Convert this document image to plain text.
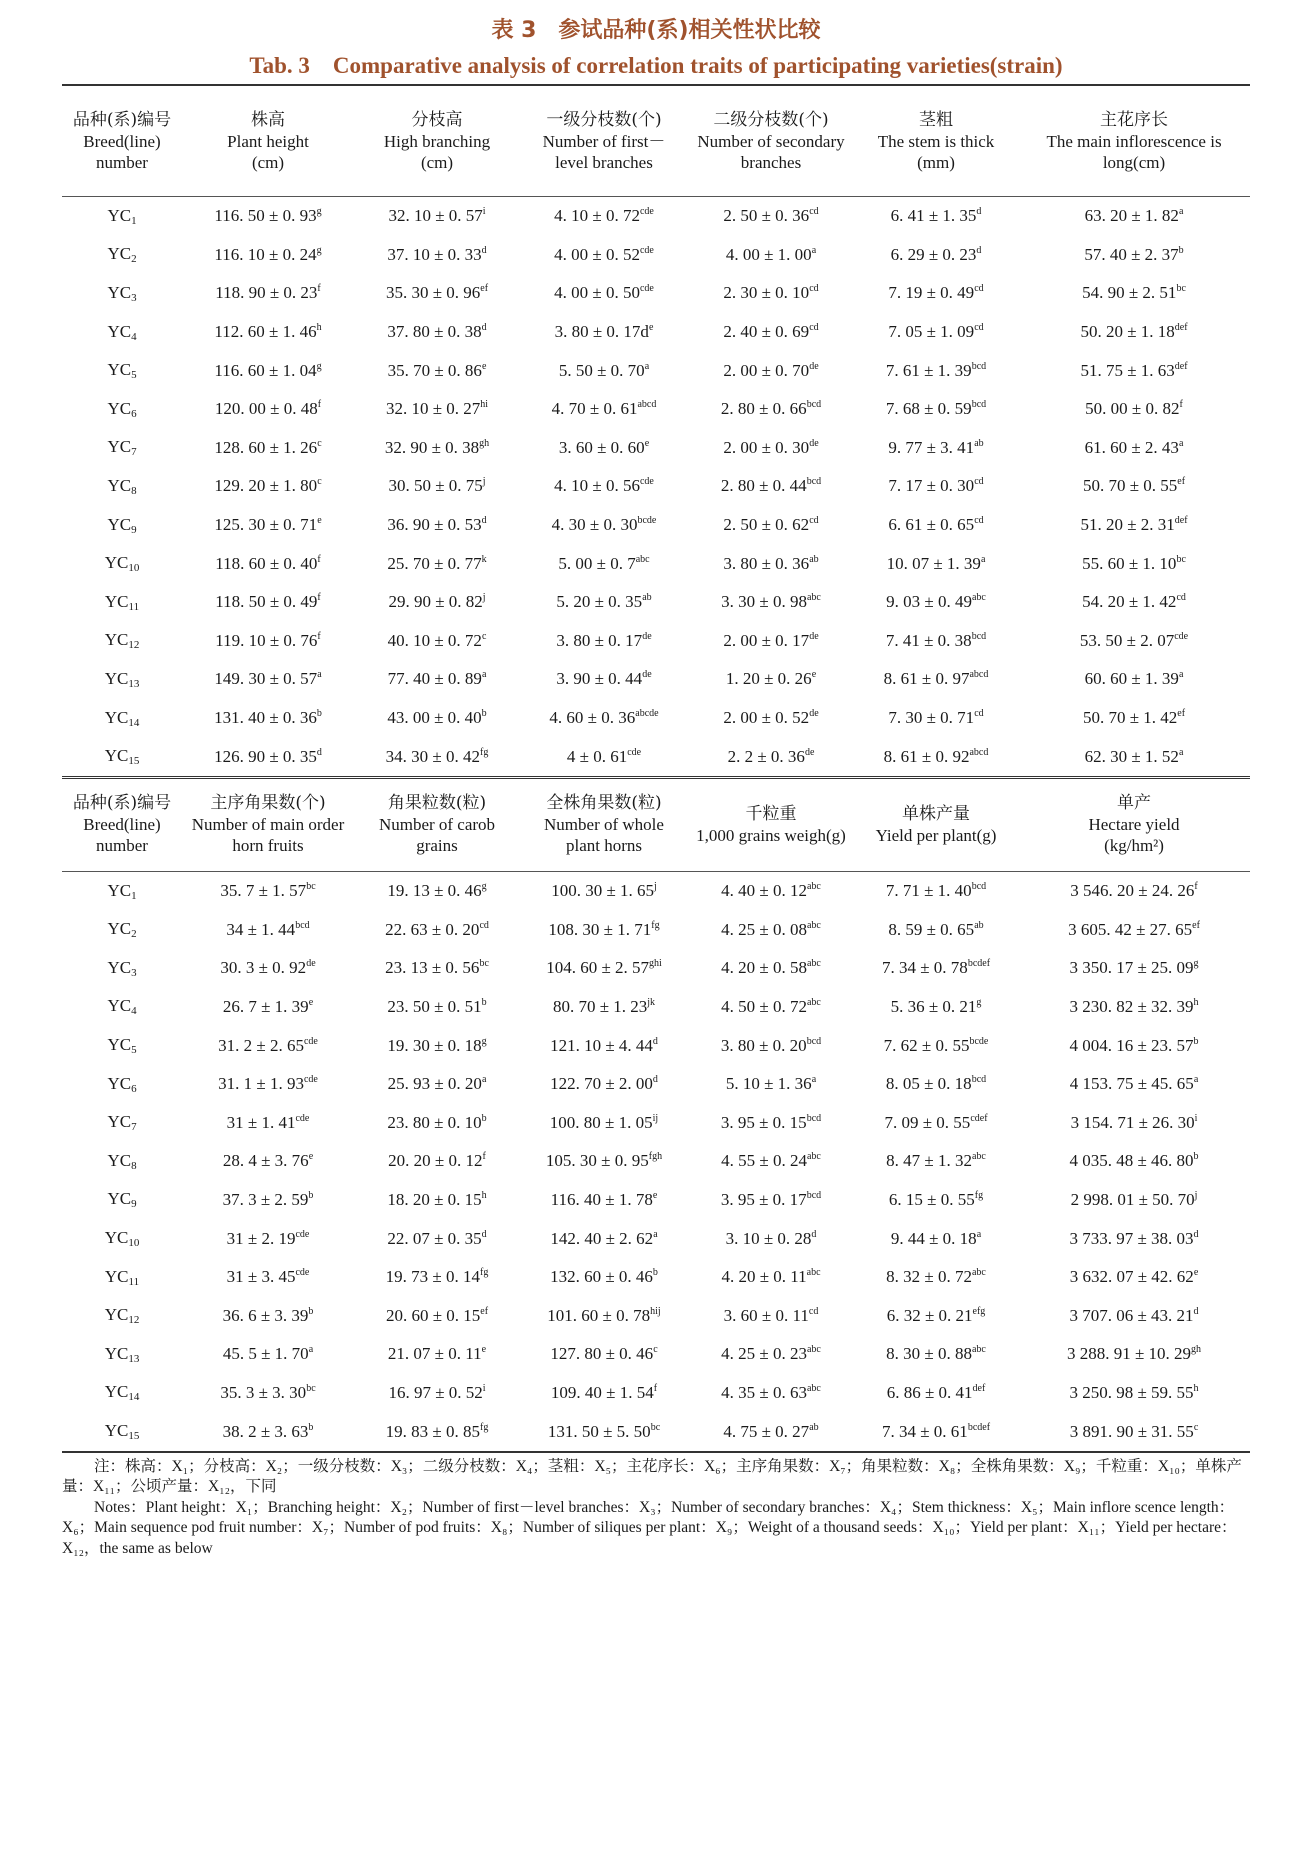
表 3　参试品种(系)相关性状比较
Tab. 3　Comparative analysis of correlation traits of participating varieties(strain)
品种(系)编号
Breed(line) number

株高
Plant height
(cm)

分枝高
High branching
(cm)

一级分枝数(个)
Number of first－level branches

二级分枝数(个)
Number of secondary branches

茎粗
The stem is thick
(mm)

主花序长
The main inflorescence is long(cm)
$YC_1$	116. 50 ± 0. 93$^g$	32. 10 ± 0. 57$^i$	4. 10 ± 0. $72^{cde}$	2. 50 ± 0. $36^{cd}$	6. 41 ± 1. 35$^d$	63. 20 ± 1. 82$^a$
$YC_2$	116. 10 ± 0. 24$^g$	37. 10 ± 0. 33$^d$	4. 00 ± 0. $52^{cde}$	4. 00 ± 1. 00$^a$	6. 29 ± 0. 23$^d$	57. 40 ± 2. 37$^b$
$YC_3$	118. 90 ± 0. 23$^f$	35. 30 ± 0. $96^{ef}$	4. 00 ± 0. $50^{cde}$	2. 30 ± 0. $10^{cd}$	7. 19 ± 0. $49^{cd}$	54. 90 ± 2. $51^{bc}$
$YC_4$	112. 60 ± 1. 46$^h$	37. 80 ± 0. 38$^d$	3. 80 ± 0. $17d^e$	2. 40 ± 0. $69^{cd}$	7. 05 ± 1. $09^{cd}$	50. 20 ± 1. $18^{def}$
$YC_5$	116. 60 ± 1. 04$^g$	35. 70 ± 0. 86e	5. 50 ± 0. 70$^a$	2. 00 ± 0. 70de	7. 61 ± 1. $39^{bcd}$	51. 75 ± 1. $63^{def}$
$YC_6$	120. 00 ± 0. 48$^f$	32. 10 ± 0. $27^{hi}$	4. 70 ± 0. $61^{abcd}$	2. 80 ± 0. $66^{bcd}$	7. 68 ± 0. $59^{bcd}$	50. 00 ± 0. 82$^f$
$YC_7$	128. 60 ± 1. 26$^c$	32. 90 ± 0. $38^{gh}$	3. 60 ± 0. 60e	2. 00 ± 0. 30de	9. 77 ± 3. $41^{ab}$	61. 60 ± 2. 43$^a$
$YC_8$	129. 20 ± 1. 80$^c$	30. 50 ± 0. 75$^j$	4. 10 ± 0. $56^{cde}$	2. 80 ± 0. $44^{bcd}$	7. 17 ± 0. $30^{cd}$	50. 70 ± 0. $55^{ef}$
$YC_9$	125. 30 ± 0. 71e	36. 90 ± 0. 53$^d$	4. 30 ± 0. $30^{bcde}$	2. 50 ± 0. $62^{cd}$	6. 61 ± 0. $65^{cd}$	51. 20 ± 2. $31^{def}$
$YC_{10}$	118. 60 ± 0. 40$^f$	25. 70 ± 0. 77$^k$	5. 00 ± 0. $7^{abc}$	3. 80 ± 0. $36^{ab}$	10. 07 ± 1. 39$^a$	55. 60 ± 1. $10^{bc}$
$YC_{11}$	118. 50 ± 0. 49$^f$	29. 90 ± 0. 82$^j$	5. 20 ± 0. $35^{ab}$	3. 30 ± 0. $98^{abc}$	9. 03 ± 0. $49^{abc}$	54. 20 ± 1. $42^{cd}$
$YC_{12}$	119. 10 ± 0. 76$^f$	40. 10 ± 0. 72$^c$	3. 80 ± 0. 17de	2. 00 ± 0. 17de	7. 41 ± 0. $38^{bcd}$	53. 50 ± 2. $07^{cde}$
$YC_{13}$	149. 30 ± 0. 57$^a$	77. 40 ± 0. 89$^a$	3. 90 ± 0. 44de	1. 20 ± 0. 26e	8. 61 ± 0. $97^{abcd}$	60. 60 ± 1. 39$^a$
$YC_{14}$	131. 40 ± 0. 36$^b$	43. 00 ± 0. 40$^b$	4. 60 ± 0. $36^{abcde}$	2. 00 ± 0. 52de	7. 30 ± 0. $71^{cd}$	50. 70 ± 1. $42^{ef}$
$YC_{15}$	126. 90 ± 0. 35$^d$	34. 30 ± 0. $42^{fg}$	4 ± 0. $61^{cde}$	2. 2 ± 0. 36de	8. 61 ± 0. $92^{abcd}$	62. 30 ± 1. 52$^a$
品种(系)编号
Breed(line) number

主序角果数(个)
Number of main order horn fruits

角果粒数(粒)
Number of carob grains

全株角果数(粒)
Number of whole plant horns

千粒重
1,000 grains weigh(g)

单株产量
Yield per plant(g)

单产
Hectare yield
(kg/hm²)
$YC_1$	35. 7 ± 1. $57^{bc}$	19. 13 ± 0. 46$^g$	100. 30 ± 1. 65$^j$	4. 40 ± 0. $12^{abc}$	7. 71 ± 1. $40^{bcd}$	3 546. 20 ± 24. 26$^f$
$YC_2$	34 ± 1. $44^{bcd}$	22. 63 ± 0. $20^{cd}$	108. 30 ± 1. $71^{fg}$	4. 25 ± 0. $08^{abc}$	8. 59 ± 0. $65^{ab}$	3 605. 42 ± 27. $65^{ef}$
$YC_3$	30. 3 ± 0. 92de	23. 13 ± 0. $56^{bc}$	104. 60 ± 2. $57^{ghi}$	4. 20 ± 0. $58^{abc}$	7. 34 ± 0. $78^{bcdef}$	3 350. 17 ± 25. 09$^g$
$YC_4$	26. 7 ± 1. 39e	23. 50 ± 0. 51$^b$	80. 70 ± 1. $23^{jk}$	4. 50 ± 0. $72^{abc}$	5. 36 ± 0. 21$^g$	3 230. 82 ± 32. 39$^h$
$YC_5$	31. 2 ± 2. $65^{cde}$	19. 30 ± 0. 18$^g$	121. 10 ± 4. 44$^d$	3. 80 ± 0. $20^{bcd}$	7. 62 ± 0. $55^{bcde}$	4 004. 16 ± 23. 57$^b$
$YC_6$	31. 1 ± 1. $93^{cde}$	25. 93 ± 0. 20$^a$	122. 70 ± 2. 00$^d$	5. 10 ± 1. 36$^a$	8. 05 ± 0. $18^{bcd}$	4 153. 75 ± 45. 65$^a$
$YC_7$	31 ± 1. $41^{cde}$	23. 80 ± 0. 10$^b$	100. 80 ± 1. $05^{ij}$	3. 95 ± 0. $15^{bcd}$	7. 09 ± 0. $55^{cdef}$	3 154. 71 ± 26. 30$^i$
$YC_8$	28. 4 ± 3. 76e	20. 20 ± 0. 12$^f$	105. 30 ± 0. $95^{fgh}$	4. 55 ± 0. $24^{abc}$	8. 47 ± 1. $32^{abc}$	4 035. 48 ± 46. 80$^b$
$YC_9$	37. 3 ± 2. 59$^b$	18. 20 ± 0. 15$^h$	116. 40 ± 1. 78e	3. 95 ± 0. $17^{bcd}$	6. 15 ± 0. $55^{fg}$	2 998. 01 ± 50. 70$^j$
$YC_{10}$	31 ± 2. $19^{cde}$	22. 07 ± 0. 35$^d$	142. 40 ± 2. 62$^a$	3. 10 ± 0. 28$^d$	9. 44 ± 0. 18$^a$	3 733. 97 ± 38. 03$^d$
$YC_{11}$	31 ± 3. $45^{cde}$	19. 73 ± 0. $14^{fg}$	132. 60 ± 0. 46$^b$	4. 20 ± 0. $11^{abc}$	8. 32 ± 0. $72^{abc}$	3 632. 07 ± 42. 62e
$YC_{12}$	36. 6 ± 3. 39$^b$	20. 60 ± 0. $15^{ef}$	101. 60 ± 0. $78^{hij}$	3. 60 ± 0. $11^{cd}$	6. 32 ± 0. $21^{efg}$	3 707. 06 ± 43. 21$^d$
$YC_{13}$	45. 5 ± 1. 70$^a$	21. 07 ± 0. 11e	127. 80 ± 0. 46$^c$	4. 25 ± 0. $23^{abc}$	8. 30 ± 0. $88^{abc}$	3 288. 91 ± 10. $29^{gh}$
$YC_{14}$	35. 3 ± 3. $30^{bc}$	16. 97 ± 0. 52$^i$	109. 40 ± 1. 54$^f$	4. 35 ± 0. $63^{abc}$	6. 86 ± 0. $41^{def}$	3 250. 98 ± 59. 55$^h$
$YC_{15}$	38. 2 ± 3. 63$^b$	19. 83 ± 0. $85^{fg}$	131. 50 ± 5. $50^{bc}$	4. 75 ± 0. $27^{ab}$	7. 34 ± 0. $61^{bcdef}$	3 891. 90 ± 31. 55$^c$

注：株高：X₁；分枝高：X₂；一级分枝数：X₃；二级分枝数：X₄；茎粗：X₅；主花序长：X₆；主序角果数：X₇；角果粒数：X₈；全株角果数：X₉；千粒重：X₁₀；单株产量：X₁₁；公顷产量：X₁₂，下同

Notes：Plant height：X₁；Branching height：X₂；Number of first－level branches：X₃；Number of secondary branches：X₄；Stem thickness：X₅；Main inflore scence length：X₆；Main sequence pod fruit number：X₇；Number of pod fruits：X₈；Number of siliques per plant：X₉；Weight of a thousand seeds：X₁₀；Yield per plant：X₁₁；Yield per hectare：X₁₂，the same as below
